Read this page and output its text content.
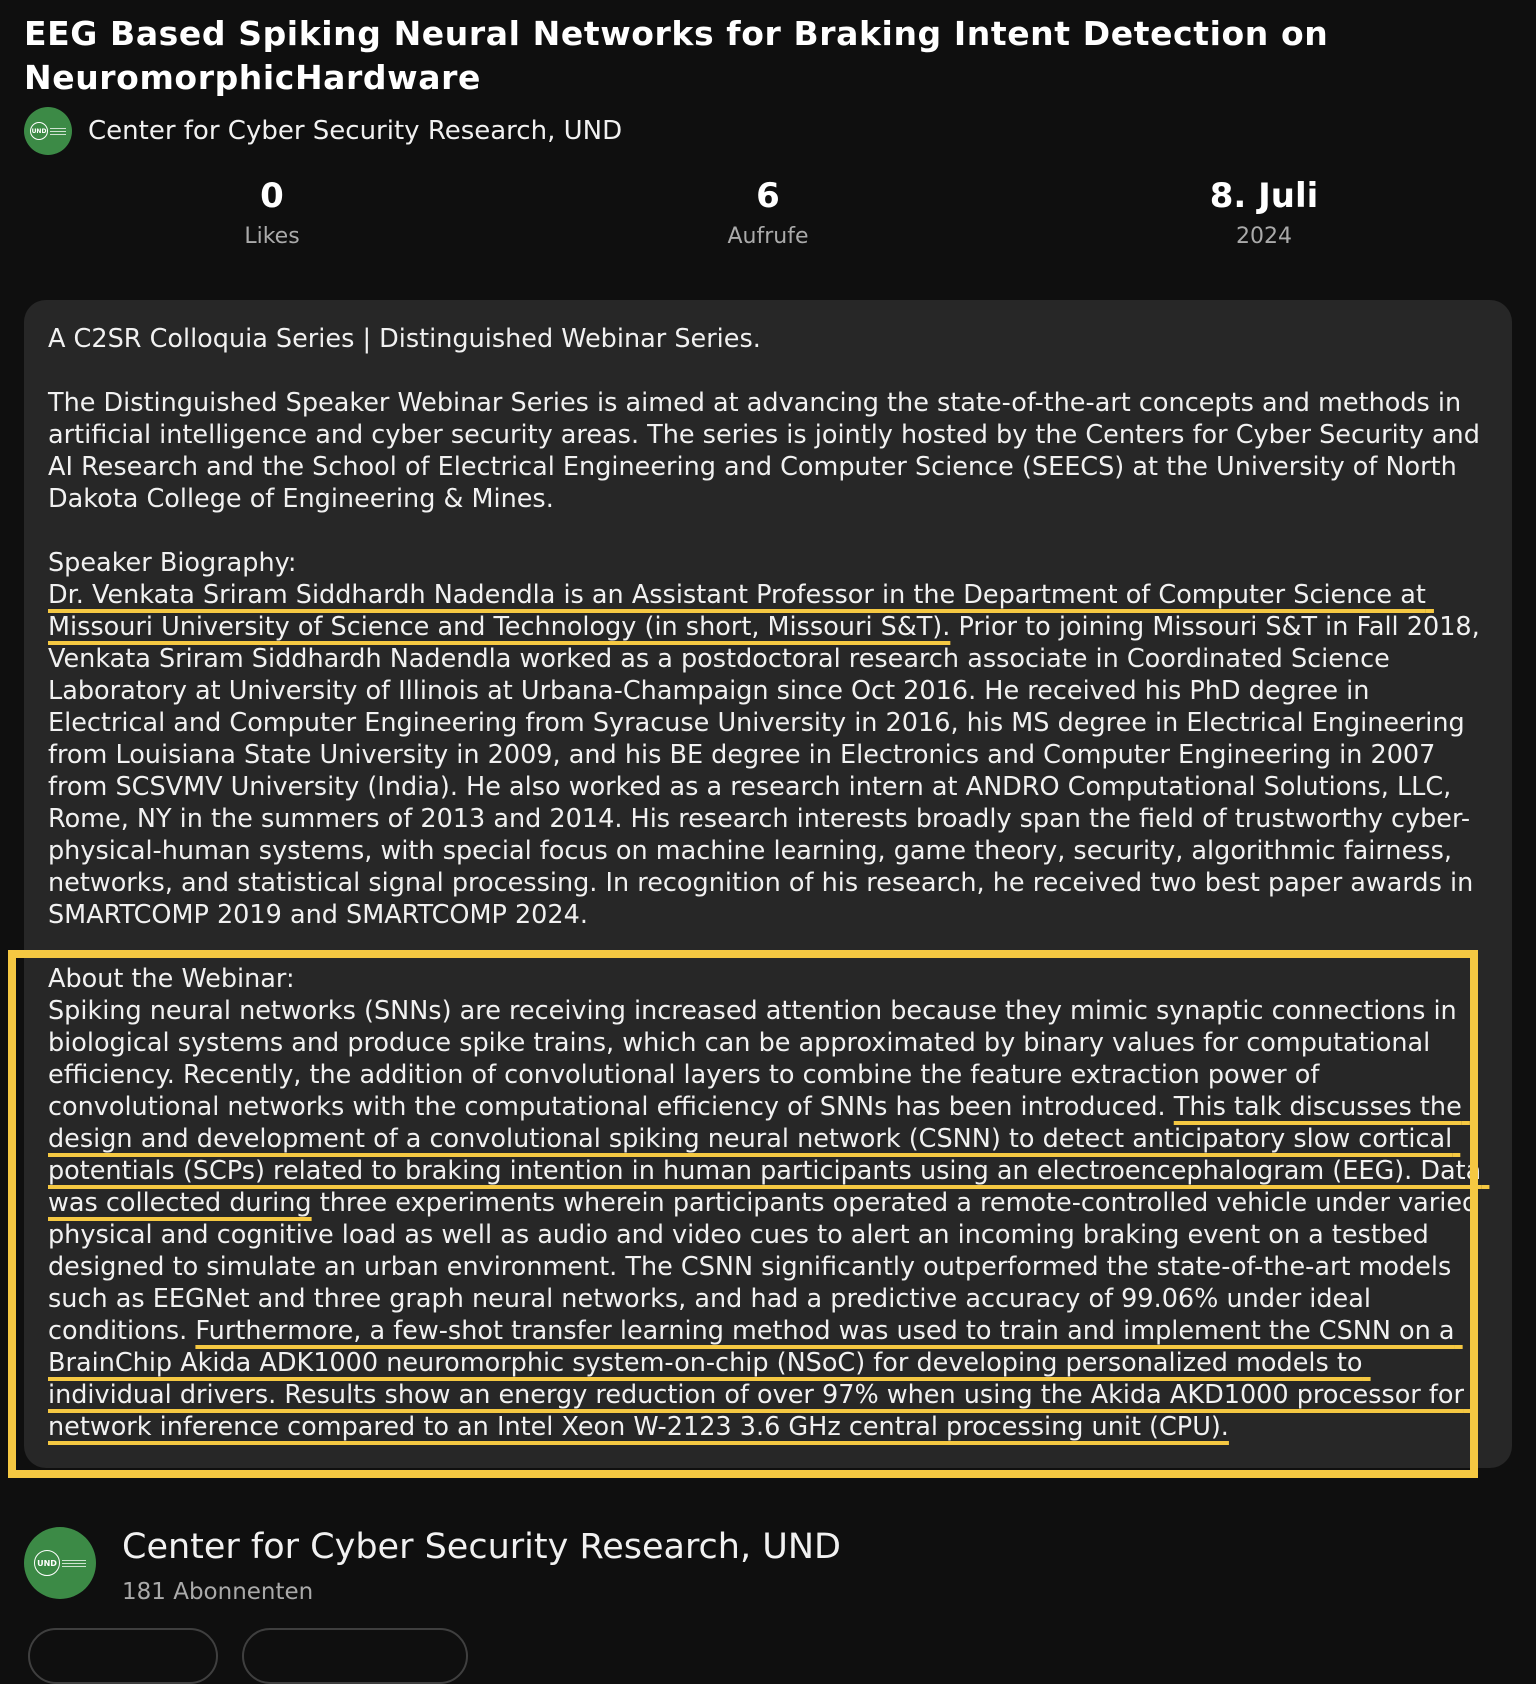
EEG Based Spiking Neural Networks for Braking Intent Detection on NeuromorphicHardware
UND Center for Cyber Security Research, UND
0
Likes
6
Aufrufe
8. Juli
2024

A C2SR Colloquia Series | Distinguished Webinar Series.

The Distinguished Speaker Webinar Series is aimed at advancing the state-of-the-art concepts and methods in artificial intelligence and cyber security areas. The series is jointly hosted by the Centers for Cyber Security and AI Research and the School of Electrical Engineering and Computer Science (SEECS) at the University of North Dakota College of Engineering & Mines.

Speaker Biography:

Dr. Venkata Sriram Siddhardh Nadendla is an Assistant Professor in the Department of Computer Science at Missouri University of Science and Technology (in short, Missouri S&T). Prior to joining Missouri S&T in Fall 2018, Venkata Sriram Siddhardh Nadendla worked as a postdoctoral research associate in Coordinated Science Laboratory at University of Illinois at Urbana-Champaign since Oct 2016. He received his PhD degree in Electrical and Computer Engineering from Syracuse University in 2016, his MS degree in Electrical Engineering from Louisiana State University in 2009, and his BE degree in Electronics and Computer Engineering in 2007 from SCSVMV University (India). He also worked as a research intern at ANDRO Computational Solutions, LLC, Rome, NY in the summers of 2013 and 2014. His research interests broadly span the field of trustworthy cyber-physical-human systems, with special focus on machine learning, game theory, security, algorithmic fairness, networks, and statistical signal processing. In recognition of his research, he received two best paper awards in SMARTCOMP 2019 and SMARTCOMP 2024.

About the Webinar:

Spiking neural networks (SNNs) are receiving increased attention because they mimic synaptic connections in biological systems and produce spike trains, which can be approximated by binary values for computational efficiency. Recently, the addition of convolutional layers to combine the feature extraction power of convolutional networks with the computational efficiency of SNNs has been introduced. This talk discusses the design and development of a convolutional spiking neural network (CSNN) to detect anticipatory slow cortical potentials (SCPs) related to braking intention in human participants using an electroencephalogram (EEG). Data was collected during three experiments wherein participants operated a remote-controlled vehicle under varied physical and cognitive load as well as audio and video cues to alert an incoming braking event on a testbed designed to simulate an urban environment. The CSNN significantly outperformed the state-of-the-art models such as EEGNet and three graph neural networks, and had a predictive accuracy of 99.06% under ideal conditions. Furthermore, a few-shot transfer learning method was used to train and implement the CSNN on a BrainChip Akida ADK1000 neuromorphic system-on-chip (NSoC) for developing personalized models to individual drivers. Results show an energy reduction of over 97% when using the Akida AKD1000 processor for network inference compared to an Intel Xeon W-2123 3.6 GHz central processing unit (CPU).

UND Center for Cyber Security Research, UND
181 Abonnenten
